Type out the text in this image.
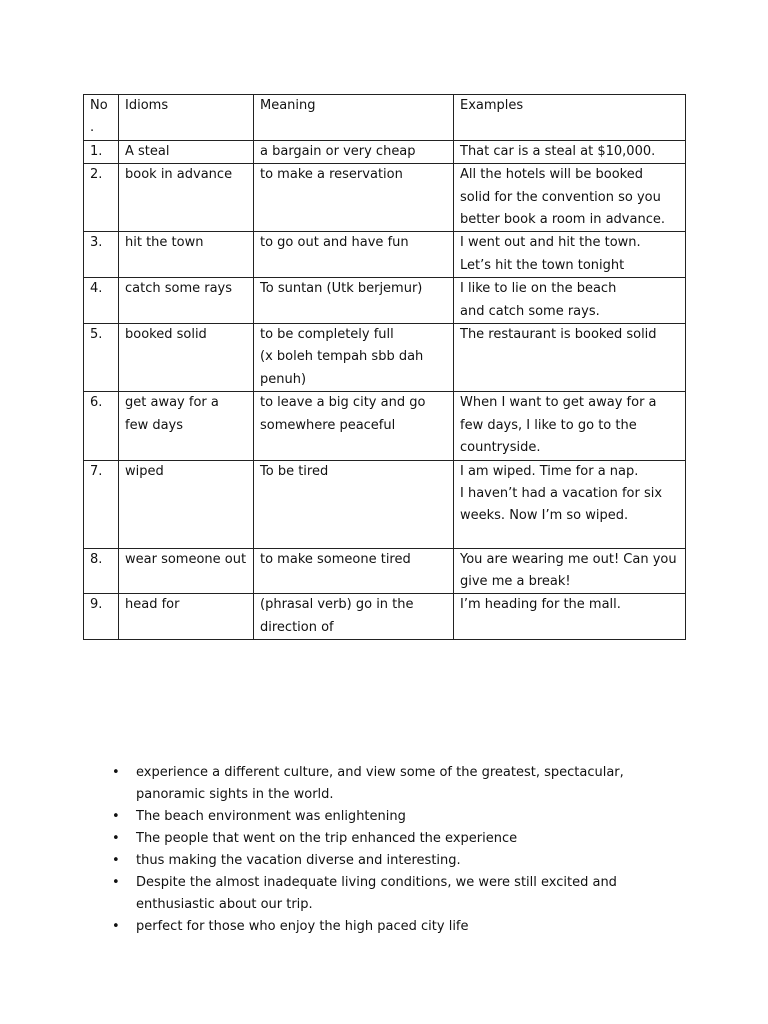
No
.	Idioms	Meaning	Examples
1.	A steal	a bargain or very cheap	That car is a steal at $10,000.
2.	book in advance	to make a reservation	All the hotels will be booked
solid for the convention so you
better book a room in advance.
3.	hit the town	to go out and have fun	I went out and hit the town.
Let’s hit the town tonight
4.	catch some rays	To suntan (Utk berjemur)	I like to lie on the beach
and catch some rays.
5.	booked solid	to be completely full
(x boleh tempah sbb dah
penuh)	The restaurant is booked solid
6.	get away for a
few days	to leave a big city and go
somewhere peaceful	When I want to get away for a
few days, I like to go to the
countryside.
7.	wiped	To be tired	I am wiped. Time for a nap.
I haven’t had a vacation for six
weeks. Now I’m so wiped.
8.	wear someone out	to make someone tired	You are wearing me out! Can you
give me a break!
9.	head for	(phrasal verb) go in the
direction of	I’m heading for the mall.
• experience a different culture, and view some of the greatest, spectacular,
panoramic sights in the world.
• The beach environment was enlightening
• The people that went on the trip enhanced the experience
• thus making the vacation diverse and interesting.
• Despite the almost inadequate living conditions, we were still excited and
enthusiastic about our trip.
• perfect for those who enjoy the high paced city life
